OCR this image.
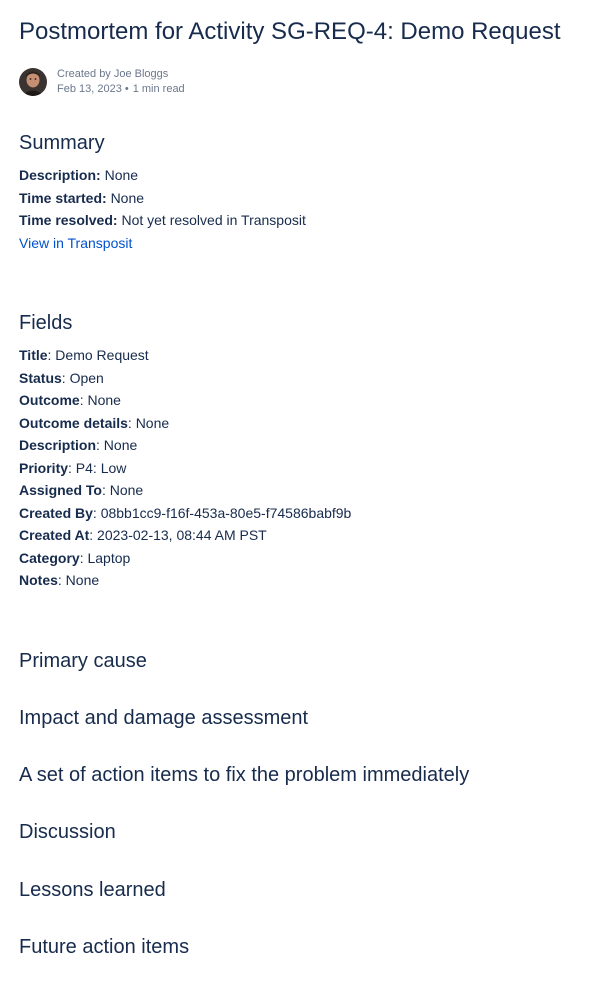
Postmortem for Activity SG-REQ-4: Demo Request
Created by Joe Bloggs
Feb 13, 2023 • 1 min read
Summary
Description: None
Time started: None
Time resolved: Not yet resolved in Transposit
View in Transposit
Fields
Title: Demo Request
Status: Open
Outcome: None
Outcome details: None
Description: None
Priority: P4: Low
Assigned To: None
Created By: 08bb1cc9-f16f-453a-80e5-f74586babf9b
Created At: 2023-02-13, 08:44 AM PST
Category: Laptop
Notes: None
Primary cause
Impact and damage assessment
A set of action items to fix the problem immediately
Discussion
Lessons learned
Future action items
